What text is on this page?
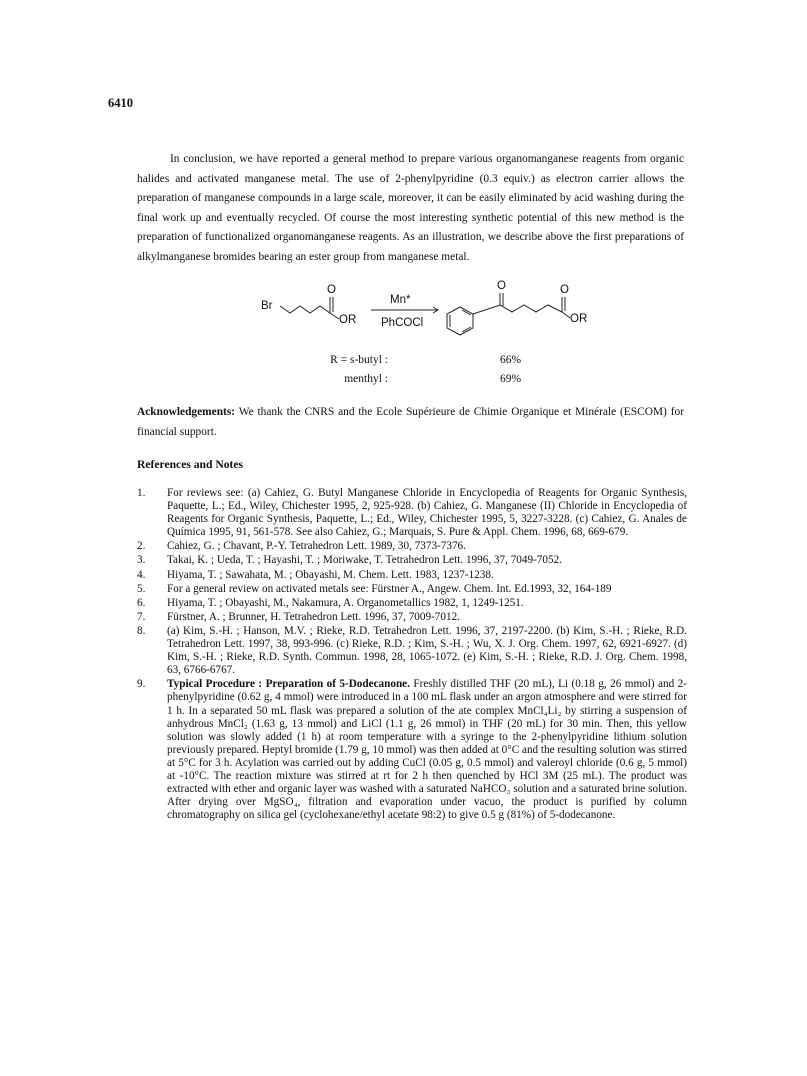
6410

In conclusion, we have reported a general method to prepare various organomanganese reagents from organic halides and activated manganese metal. The use of 2-phenylpyridine (0.3 equiv.) as electron carrier allows the preparation of manganese compounds in a large scale, moreover, it can be easily eliminated by acid washing during the final work up and eventually recycled. Of course the most interesting synthetic potential of this new method is the preparation of functionalized organomanganese reagents. As an illustration, we describe above the first preparations of alkylmanganese bromides bearing an ester group from manganese metal.

Br
O
OR
Mn*
PhCOCl
O	O
OR
R = s-butyl :	66%
menthyl :	69%

Acknowledgements: We thank the CNRS and the Ecole Supérieure de Chimie Organique et Minérale (ESCOM) for financial support.

References and Notes
1. For reviews see: (a) Cahiez, G. Butyl Manganese Chloride in Encyclopedia of Reagents for Organic Synthesis, Paquette, L.; Ed., Wiley, Chichester 1995, 2, 925-928. (b) Cahiez, G. Manganese (II) Chloride in Encyclopedia of Reagents for Organic Synthesis, Paquette, L.; Ed., Wiley, Chichester 1995, 5, 3227-3228. (c) Cahiez, G. Anales de Química 1995, 91, 561-578. See also Cahiez, G.; Marquais, S. Pure & Appl. Chem. 1996, 68, 669-679.
2. Cahiez, G. ; Chavant, P.-Y. Tetrahedron Lett. 1989, 30, 7373-7376.
3. Takai, K. ; Ueda, T. ; Hayashi, T. ; Moriwake, T. Tetrahedron Lett. 1996, 37, 7049-7052.
4. Hiyama, T. ; Sawahata, M. ; Obayashi, M. Chem. Lett. 1983, 1237-1238.
5. For a general review on activated metals see: Fürstner A., Angew. Chem. Int. Ed.1993, 32, 164-189
6. Hiyama, T. ; Obayashi, M., Nakamura, A. Organometallics 1982, 1, 1249-1251.
7. Fürstner, A. ; Brunner, H. Tetrahedron Lett. 1996, 37, 7009-7012.
8. (a) Kim, S.-H. ; Hanson, M.V. ; Rieke, R.D. Tetrahedron Lett. 1996, 37, 2197-2200. (b) Kim, S.-H. ; Rieke, R.D. Tetrahedron Lett. 1997, 38, 993-996. (c) Rieke, R.D. ; Kim, S.-H. ; Wu, X. J. Org. Chem. 1997, 62, 6921-6927. (d) Kim, S.-H. ; Rieke, R.D. Synth. Commun. 1998, 28, 1065-1072. (e) Kim, S.-H. ; Rieke, R.D. J. Org. Chem. 1998, 63, 6766-6767.
9. Typical Procedure : Preparation of 5-Dodecanone. Freshly distilled THF (20 mL), Li (0.18 g, 26 mmol) and 2-phenylpyridine (0.62 g, 4 mmol) were introduced in a 100 mL flask under an argon atmosphere and were stirred for 1 h. In a separated 50 mL flask was prepared a solution of the ate complex MnCl₄Li₂ by stirring a suspension of anhydrous MnCl₂ (1.63 g, 13 mmol) and LiCl (1.1 g, 26 mmol) in THF (20 mL) for 30 min. Then, this yellow solution was slowly added (1 h) at room temperature with a syringe to the 2-phenylpyridine lithium solution previously prepared. Heptyl bromide (1.79 g, 10 mmol) was then added at 0°C and the resulting solution was stirred at 5°C for 3 h. Acylation was carried out by adding CuCl (0.05 g, 0.5 mmol) and valeroyl chloride (0.6 g, 5 mmol) at -10°C. The reaction mixture was stirred at rt for 2 h then quenched by HCl 3M (25 mL). The product was extracted with ether and organic layer was washed with a saturated NaHCO₃ solution and a saturated brine solution. After drying over MgSO₄, filtration and evaporation under vacuo, the product is purified by column chromatography on silica gel (cyclohexane/ethyl acetate 98:2) to give 0.5 g (81%) of 5-dodecanone.
